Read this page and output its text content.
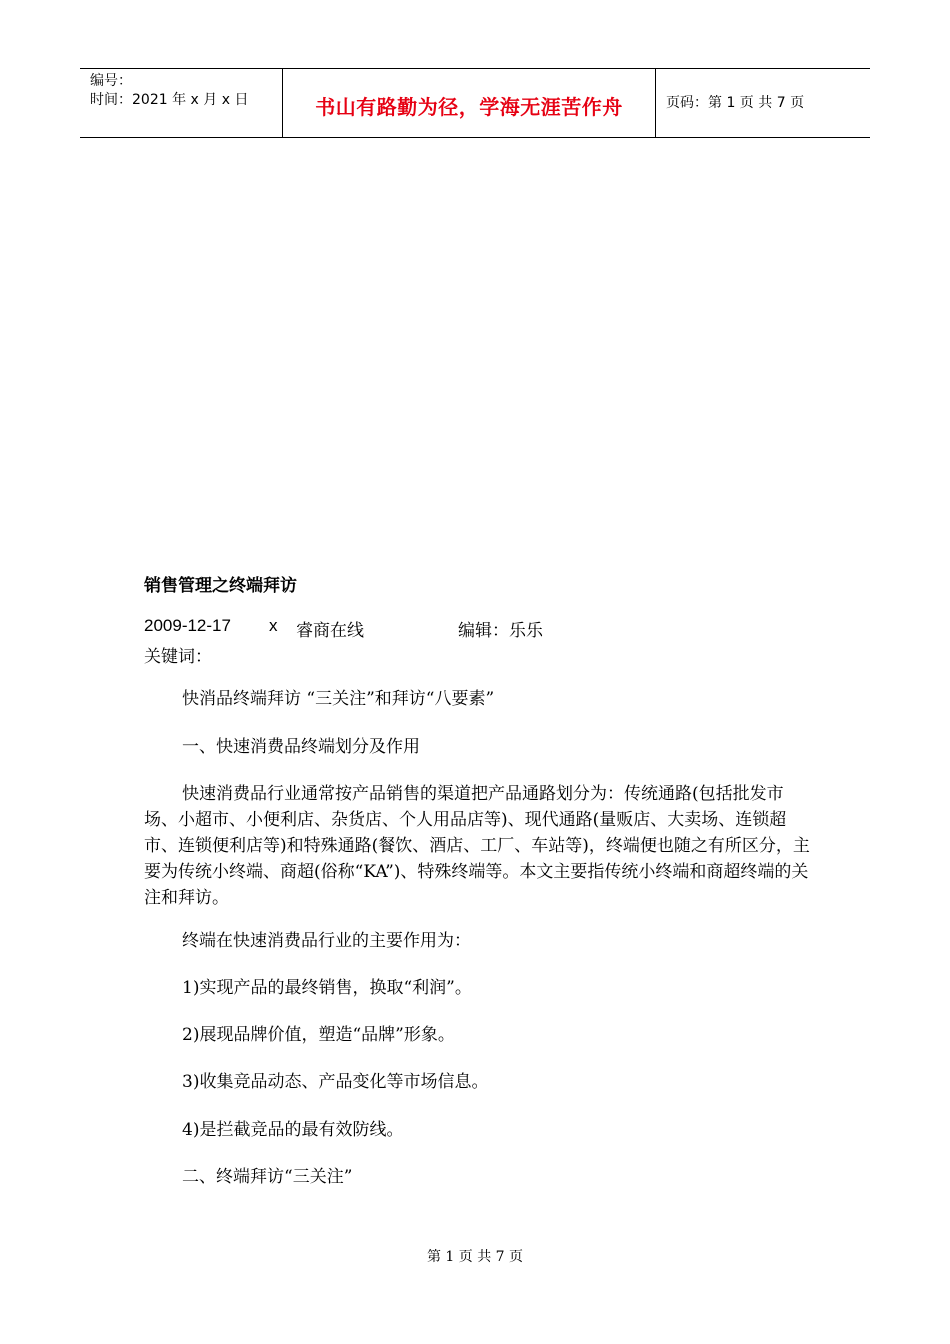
编号：
时间：2021 年 x 月 x 日	书山有路勤为径，学海无涯苦作舟	页码：第 1 页 共 7 页
销售管理之终端拜访
2009-12-17 x 睿商在线	编辑：乐乐
关键词：
快消品终端拜访 “三关注”和拜访“八要素”
一、快速消费品终端划分及作用
快速消费品行业通常按产品销售的渠道把产品通路划分为：传统通路(包括批发市场、小超市、小便利店、杂货店、个人用品店等)、现代通路(量贩店、大卖场、连锁超市、连锁便利店等)和特殊通路(餐饮、酒店、工厂、车站等)，终端便也随之有所区分，主要为传统小终端、商超(俗称“KA”)、特殊终端等。本文主要指传统小终端和商超终端的关注和拜访。
终端在快速消费品行业的主要作用为：
1)实现产品的最终销售，换取“利润”。
2)展现品牌价值，塑造“品牌”形象。
3)收集竞品动态、产品变化等市场信息。
4)是拦截竞品的最有效防线。
二、终端拜访“三关注”
第 1 页 共 7 页
